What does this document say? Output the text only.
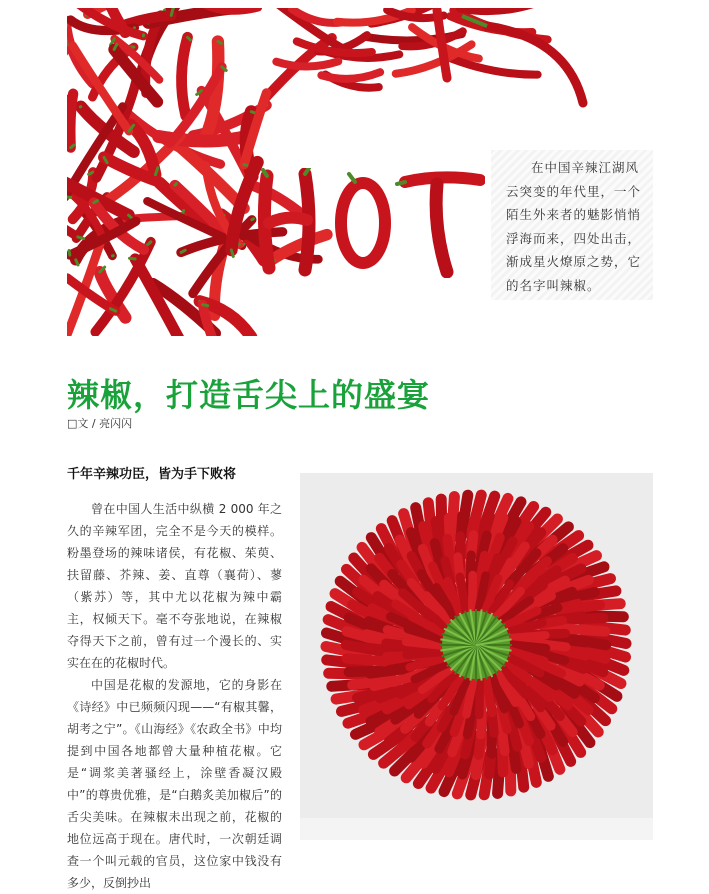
在中国辛辣江湖风云突变的年代里，一个陌生外来者的魅影悄悄浮海而来，四处出击，渐成星火燎原之势，它的名字叫辣椒。
辣椒，打造舌尖上的盛宴
□文 / 亮闪闪
千年辛辣功臣，皆为手下败将

曾在中国人生活中纵横 2 000 年之久的辛辣军团，完全不是今天的模样。粉墨登场的辣味诸侯，有花椒、茱萸、扶留藤、芥辣、姜、直尊（襄荷）、蓼（紫苏）等，其中尤以花椒为辣中霸主，权倾天下。毫不夸张地说，在辣椒夺得天下之前，曾有过一个漫长的、实实在在的花椒时代。

中国是花椒的发源地，它的身影在《诗经》中已频频闪现——“有椒其馨，胡考之宁”。《山海经》《农政全书》中均提到中国各地都曾大量种植花椒。它是“调浆美著骚经上，涂壁香凝汉殿中”的尊贵优雅，是“白鹅炙美加椒后”的舌尖美味。在辣椒未出现之前，花椒的地位远高于现在。唐代时，一次朝廷调查一个叫元载的官员，这位家中钱没有多少，反倒抄出
